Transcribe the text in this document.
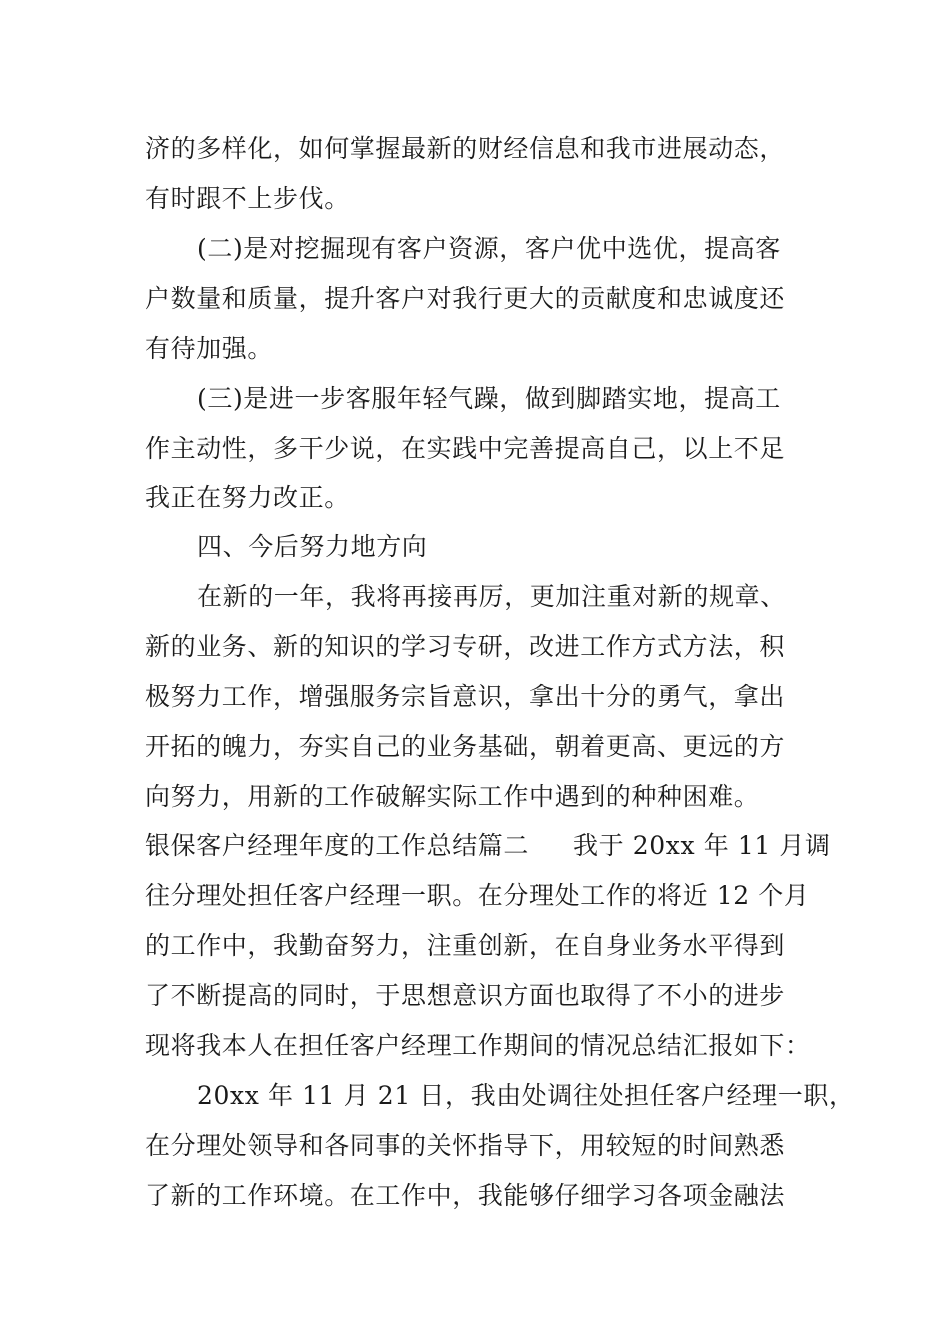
济的多样化，如何掌握最新的财经信息和我市进展动态，
有时跟不上步伐。
(二)是对挖掘现有客户资源，客户优中选优，提高客
户数量和质量，提升客户对我行更大的贡献度和忠诚度还
有待加强。
(三)是进一步客服年轻气躁，做到脚踏实地，提高工
作主动性，多干少说，在实践中完善提高自己，以上不足
我正在努力改正。
四、今后努力地方向
在新的一年，我将再接再厉，更加注重对新的规章、
新的业务、新的知识的学习专研，改进工作方式方法，积
极努力工作，增强服务宗旨意识，拿出十分的勇气，拿出
开拓的魄力，夯实自己的业务基础，朝着更高、更远的方
向努力，用新的工作破解实际工作中遇到的种种困难。
银保客户经理年度的工作总结篇二 我于 20xx 年 11 月调
往分理处担任客户经理一职。在分理处工作的将近 12 个月
的工作中，我勤奋努力，注重创新，在自身业务水平得到
了不断提高的同时，于思想意识方面也取得了不小的进步
现将我本人在担任客户经理工作期间的情况总结汇报如下：
20xx 年 11 月 21 日，我由处调往处担任客户经理一职，
在分理处领导和各同事的关怀指导下，用较短的时间熟悉
了新的工作环境。在工作中，我能够仔细学习各项金融法
